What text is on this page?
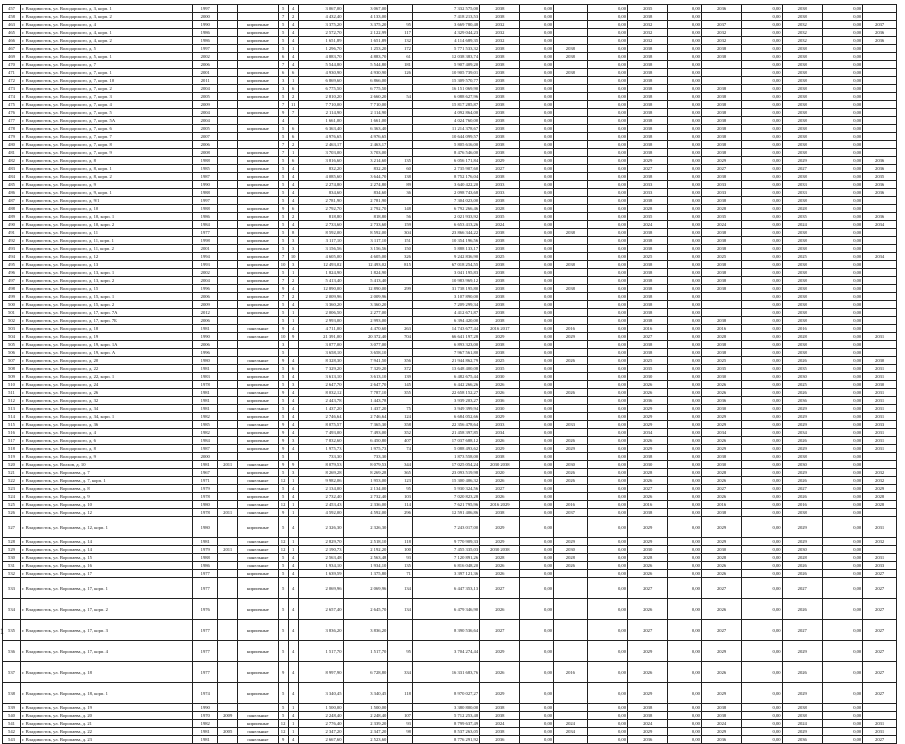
457	г. Владивосток, ул. Володарского, д. 3, корп. 1	1997			5	4	3 067,00	3 067,00		7 332 575,00	2038	0,00		0,00	2035	0,00	2036	0,00	2038	0,00	
458	г. Владивосток, ул. Володарского, д. 3, корп. 2	2000			7	2	4 432,40	4 133,00		7 418 213,53	2038	0,00		0,00	2038	0,00		0,00	2038	0,00	
463	г. Владивосток, ул. Володарского, д. 4	1990		кирпичные	5	4	3 375,20	3 375,20	95	3 669 780,48	2032	0,00		0,00	2032	0,00	2037	0,00	2032	0,00	2037
465	г. Владивосток, ул. Володарского, д. 4, корп. 1	1986		кирпичные	5	4	2 572,70	2 122,99	117	4 329 044,23	2032	0,00		0,00	2032	0,00	2032	0,00	2032	0,00	2036
466	г. Владивосток, ул. Володарского, д. 4, корп. 2	1986		кирпичные	5	4	1 651,89	1 651,89	132	4 114 689,35	2032	0,00		0,00	2032	0,00	2032	0,00	2032	0,00	2036
467	г. Владивосток, ул. Володарского, д. 5	1997		кирпичные	5	1	1 296,70	1 253,20	172	5 771 533,32	2038	0,00	2038	0,00	2038	0,00	2038	0,00	2038	0,00	
469	г. Владивосток, ул. Володарского, д. 5, корп. 1	2002		кирпичные	6	4	4 883,70	4 883,70	61	12 038 383,74	2038	0,00	2038	0,00	2038	0,00	2038	0,00	2038	0,00	
470	г. Владивосток, ул. Володарского, д. 7	2006			7	4	5 544,80	5 544,80	181	5 907 409,20	2038	0,00		0,00	2038	0,00		0,00	2038	0,00	
471	г. Владивосток, ул. Володарского, д. 7, корп. 1	2001		кирпичные	6	6	4 930,90	4 930,90	126	10 905 739,01	2038	0,00	2038	0,00	2038	0,00		0,00	2038	0,00	
472	г. Владивосток, ул. Володарского, д. 7, корп. 10	2011		кирпичные	3	1	6 869,60	6 866,00		15 309 570,77	2038	0,00		0,00	2038	0,00		0,00	2038	0,00	
473	г. Владивосток, ул. Володарского, д. 7, корп. 2	2004		кирпичные	3	6	6 775,50	6 775,50		16 151 069,90	2038	0,00		0,00	2038	0,00	2038	0,00	2038	0,00	
474	г. Владивосток, ул. Володарского, д. 7, корп. 3	2005		кирпичные	5	2	2 810,20	2 660,20	54	6 088 627,96	2038	0,00		0,00	2038	0,00	2038	0,00	2038	0,00	
475	г. Владивосток, ул. Володарского, д. 7, корп. 4	2009			7	11	7 710,00	7 710,00		15 817 285,87	2038	0,00		0,00	2038	0,00	2038	0,00	2038	0,00	
476	г. Владивосток, ул. Володарского, д. 7, корп. 5	2004		кирпичные	9	7	2 114,90	2 114,90		4 092 864,00	2038	0,00		0,00	2038	0,00	2038	0,00	2038	0,00	
477	г. Владивосток, ул. Володарского, д. 7, корп. 5А	2004			4		1 661,00	1 661,00		4 024 760,00	2038	0,00		0,00	2038	0,00	2038	0,00	2038	0,00	
478	г. Владивосток, ул. Володарского, д. 7, корп. 6	2005		кирпичные	5	6	6 363,40	6 363,40		11 214 378,67	2038	0,00		0,00	2038	0,00	2038	0,00	2038	0,00	
479	г. Владивосток, ул. Володарского, д. 7, корп. 7	2007			5	6	4 976,65	4 976,65		10 644 099,57	2038	0,00		0,00	2038	0,00	2038	0,00	2038	0,00	
480	г. Владивосток, ул. Володарского, д. 7, корп. 8	2006			7	2	2 463,17	2 463,17		5 805 616,00	2038	0,00		0,00	2038	0,00	2038	0,00	2038	0,00	
481	г. Владивосток, ул. Володарского, д. 7, корп. 9	2008		кирпичные	7	1	3 703,00	3 703,00		8 476 546,00	2038	0,00		0,00	2038	0,00	2038	0,00	2038	0,00	
482	г. Владивосток, ул. Володарского, д. 8	1988		кирпичные	5	6	3 816,60	3 214,60	135	6 056 171,84	2029	0,00		0,00	2029	0,00	2029	0,00	2029	0,00	2036
483	г. Владивосток, ул. Володарского, д. 8, корп. 1	1985		кирпичные	5	4	832,20	832,20	60	2 735 907,60	2027	0,00		0,00	2027	0,00	2027	0,00	2027	0,00	2036
484	г. Владивосток, ул. Володарского, д. 8, корп. 2	1987		кирпичные	5	4	4 085,60	3 644,70	138	8 752 176,04	2038	0,00		0,00	2038	0,00	2038	0,00	2038	0,00	2035
485	г. Владивосток, ул. Володарского, д. 9	1990		кирпичные	5	4	2 274,80	2 274,80	89	3 640 422,20	2033	0,00		0,00	2033	0,00	2033	0,00	2033	0,00	2036
486	г. Владивосток, ул. Володарского, д. 9, корп. 1	1988		кирпичные	5	4	834,60	834,60	36	2 098 743,68	2033	0,00		0,00	2033	0,00	2033	0,00	2033	0,00	2036
487	г. Владивосток, ул. Володарского, д. 9/1	1997			5	4	2 781,90	2 781,90		7 304 023,00	2038	0,00		0,00	2038	0,00	2038	0,00	2038	0,00	
488	г. Владивосток, ул. Володарского, д. 10	1988		кирпичные	9	6	2 792,70	2 792,70	148	6 792 266,46	2028	0,00		0,00	2028	0,00	2028	0,00	2028	0,00	
489	г. Владивосток, ул. Володарского, д. 10, корп. 1	1986		кирпичные	5	2	818,80	818,80	56	2 021 933,92	2035	0,00		0,00	2035	0,00	2035	0,00	2035	0,00	2036
490	г. Владивосток, ул. Володарского, д. 10, корп. 2	1984		кирпичные	5	4	2 733,60	2 733,60	159	6 653 413,26	2024	0,00		0,00	2024	0,00	2024	0,00	2024	0,00	2034
491	г. Владивосток, ул. Володарского, д. 11	1977		кирпичные	5	8	8 592,00	8 592,00	304	23 866 344,22	2038	0,00	2038	0,00	2038	0,00	2038	0,00	2038	0,00	
492	г. Владивосток, ул. Володарского, д. 11, корп. 1	1998		кирпичные	5	3	3 117,10	3 117,10	151	10 354 196,56	2038	0,00		0,00	2038	0,00	2038	0,00	2038	0,00	
493	г. Владивосток, ул. Володарского, д. 11, корп. 2	2001		кирпичные	5	3	3 156,56	3 156,56	150	5 888 133,17	2038	0,00		0,00	2038	0,00	2038	0,00	2038	0,00	
494	г. Владивосток, ул. Володарского, д. 12	1994		кирпичные	7	10	4 605,00	4 605,00	326	9 242 836,90	2025	0,00		0,00	2025	0,00	2025	0,00	2025	0,00	2034
495	г. Владивосток, ул. Володарского, д. 13	1993		кирпичные	10	3	12 493,02	12 493,02	815	67 018 254,55	2038	0,00	2038	0,00	2038	0,00	2038	0,00	2038	0,00	
496	г. Владивосток, ул. Володарского, д. 13, корп. 1	2002		кирпичные	5	1	1 824,90	1 824,90		3 041 195,83	2038	0,00		0,00	2038	0,00	2038	0,00	2038	0,00	
497	г. Владивосток, ул. Володарского, д. 13, корп. 2	2004		кирпичные	7	2	5 413,40	5 413,40		10 983 969,12	2038	0,00		0,00	2038	0,00	2038	0,00	2038	0,00	
498	г. Владивосток, ул. Володарского, д. 15	1996		кирпичные	9	4	12 890,00	12 890,00	299	31 738 195,80	2038	0,00	2038	0,00	2038	0,00	2038	0,00	2038	0,00	
499	г. Владивосток, ул. Володарского, д. 15, корп. 1	2006		кирпичные	7	2	2 009,96	2 009,96		3 107 890,00	2038	0,00		0,00	2038	0,00		0,00	2038	0,00	
500	г. Владивосток, ул. Володарского, д. 15, корп. 2	2009		кирпичные	5	4	3 360,20	3 360,20		7 209 299,34	2038	0,00		0,00	2038	0,00		0,00	2038	0,00	
501	г. Владивосток, ул. Володарского, д. 17, корп. 7А	2012		кирпичные	5	1	2 006,50	2 277,00		4 412 671,87	2038	0,00		0,00	2038	0,00		0,00	2038	0,00	
502	г. Владивосток, ул. Володарского, д. 17, корп. 7Б	2006			5	1	2 993,00	2 993,00		6 394 420,00	2038	0,00		0,00	2038	0,00	2038	0,00	2038	0,00	
503	г. Владивосток, ул. Володарского, д. 18	1981		панельные	9	4	4 711,00	4 470,60	263	14 743 677,44	2016 2017	0,00	2016	0,00	2016	0,00	2016	0,00	2016	0,00	
504	г. Владивосток, ул. Володарского, д. 19	1990		панельные	10	9	21 391,00	20 372,40	704	66 641 197,28	2029	0,00	2029	0,00	2027	0,00	2028	0,00	2028	0,00	2031
505	г. Владивосток, ул. Володарского, д. 19, корп. 1А	2006			3		3 077,00	3 077,00		6 893 323,00	2038	0,00		0,00	2038	0,00	2038	0,00	2038	0,00	
506	г. Владивосток, ул. Володарского, д. 19, корп. А	1996			5		3 658,10	3 658,10		7 967 561,80	2038	0,00		0,00	2038	0,00	2038	0,00	2038	0,00	
507	г. Владивосток, ул. Володарского, д. 20	1980		панельные	9	4	8 328,30	7 941,50	356	21 944 862,79	2025	0,00	2026	0,00	2025	0,00	2025	0,00	2026	0,00	2030
508	г. Владивосток, ул. Володарского, д. 22	1981		кирпичные	5	6	7 329,20	7 329,20	372	13 648 400,08	2035	0,00		0,00	2035	0,00	2035	0,00	2035	0,00	2031
509	г. Владивосток, ул. Володарского, д. 22, корп. 1	1983		кирпичные	5	4	3 613,10	3 613,10	139	6 482 675,44	2030	0,00		0,00	2030	0,00	2030	0,00	2030	0,00	2031
510	г. Владивосток, ул. Володарского, д. 24	1978		кирпичные	5	3	2 647,70	2 647,70	145	6 442 266,26	2026	0,00		0,00	2026	0,00	2026	0,00	2025	0,00	2030
511	г. Владивосток, ул. Володарского, д. 26	1981		панельные	9	4	8 032,12	7 787,10	355	22 658 152,27	2026	0,00	2026	0,00	2026	0,00	2026	0,00	2026	0,00	2031
512	г. Владивосток, ул. Володарского, д. 32	1981		кирпичные	5	4	2 443,78	1 443,78		3 939 203,27	2036	0,00		0,00	2036	0,00	2036	0,00	2036	0,00	2031
513	г. Владивосток, ул. Володарского, д. 34	1981		панельные	5	4	1 437,20	1 437,20	75	3 949 399,94	2030	0,00		0,00	2029	0,00	2030	0,00	2029	0,00	2031
514	г. Владивосток, ул. Володарского, д. 34, корп. 1	1982		кирпичные	5	4	2 746,64	2 746,64	124	6 684 052,66	2029	0,00		0,00	2029	0,00	2029	0,00	2029	0,00	2031
515	г. Владивосток, ул. Володарского, д. 36	1985		панельные	9	4	8 075,57	7 365,30	358	22 356 478,64	2033	0,00	2033	0,00	2029	0,00	2029	0,00	2029	0,00	2033
516	г. Владивосток, ул. Володарского, д. 4	1982		кирпичные	9	4	7 493,00	7 493,00	352	21 458 397,85	2034	0,00		0,00	2034	0,00	2034	0,00	2034	0,00	2031
517	г. Владивосток, ул. Володарского, д. 6	1984		кирпичные	9	3	7 832,60	6 450,80	407	17 037 688,12	2026	0,00	2026	0,00	2026	0,00	2026	0,00	2026	0,00	2031
518	г. Владивосток, ул. Володарского, д. 8	1987		кирпичные	9	4	1 975,73	1 975,73	74	5 088 493,62	2029	0,00	2029	0,00	2029	0,00	2029	0,00	2029	0,00	2031
519	г. Владивосток, ул. Володарского, д. 9	2000			5		733,30	733,30		1 873 558,00	2038	0,00		0,00	2038	0,00	2038	0,00	2038	0,00	
520	г. Владивосток, ул. Волхов, д. 10	1981	2011	панельные	9	9	8 079,53	8 079,53	344	17 025 054,24	2030 2038	0,00	2030	0,00	2030	0,00	2030	0,00	2030	0,00	
521	г. Владивосток, ул. Воропаева, д. 7	1967		кирпичные	5	3	8 269,28	8 269,28	365	23 093 519,98	2020	0,00	2026	0,00	2028	0,00	2028	0,00	2029	0,00	2032
522	г. Владивосток, ул. Воропаева, д. 7, корп. 1	1971		панельные	12	1	9 982,06	1 953,00	123	15 300 406,32	2026	0,00	2026	0,00	2026	0,00	2026	0,00	2026	0,00	2032
523	г. Владивосток, ул. Воропаева, д. 8	1979		панельные	5	4	2 134,00	2 134,00	95	5 930 324,56	2027	0,00		0,00	2027	0,00	2027	0,00	2027	0,00	2029
524	г. Владивосток, ул. Воропаева, д. 9	1978		кирпичные	5	4	2 732,40	2 732,40	103	7 020 823,28	2026	0,00		0,00	2026	0,00	2026	0,00	2026	0,00	2028
525	г. Владивосток, ул. Воропаева, д. 10	1980		панельные	12	1	2 453,43	2 336,00	114	7 621 795,96	2016 2029	0,00	2016	0,00	2016	0,00	2016	0,00	2016	0,00	2028
526	г. Владивосток, ул. Воропаева, д. 12	1978	2011	панельные	9	1	4 592,00	4 592,00	296	12 591 406,86	2038	0,00	2037	0,00	2038	0,00	2038	0,00	2038	0,00	
527	г. Владивосток, ул. Воропаева, д. 12, корп. 1	1980		кирпичные	5	4	2 326,30	2 326,30		7 243 017,00	2029	0,00		0,00	2029	0,00	2029	0,00	2029	0,00	2031
528	г. Владивосток, ул. Воропаева, д. 14	1981		панельные	12	1	2 829,70	2 518,10	118	9 770 909,33	2029	0,00	2029	0,00	2029	0,00	2029	0,00	2029	0,00	2032
529	г. Владивосток, ул. Воропаева, д. 14	1979	2011	панельные	12	1	2 190,73	2 192,20	100	7 455 335,03	2030 2038	0,00	2030	0,00	2030	0,00	2030	0,00	2030	0,00	
530	г. Владивосток, ул. Воропаева, д. 15	1988		панельные	5	4	2 563,48	2 563,48	93	7 120 891,26	2028	0,00	2028	0,00	2028	0,00	2028	0,00	2028	0,00	2031
531	г. Владивосток, ул. Воропаева, д. 16	1986		панельные	5	4	1 934,10	1 934,10	135	6 816 048,20	2026	0,00	2026	0,00	2026	0,00	2026	0,00	2026	0,00	2033
532	г. Владивосток, ул. Воропаева, д. 17	1977		кирпичные	5	4	1 639,59	1 375,80	71	3 397 121,36	2026	0,00		0,00	2026	0,00	2026	0,00	2026	0,00	2027
533	г. Владивосток, ул. Воропаева, д. 17, корп. 1	1977		кирпичные	5	4	2 069,96	2 069,96	134	6 447 353,13	2027	0,00		0,00	2027	0,00	2027	0,00	2027	0,00	2027
534	г. Владивосток, ул. Воропаева, д. 17, корп. 2	1976		кирпичные	5	4	2 657,40	2 645,70	134	6 479 346,90	2026	0,00		0,00	2026	0,00	2026	0,00	2026	0,00	2027
535	г. Владивосток, ул. Воропаева, д. 17, корп. 3	1977		кирпичные	5	4	3 836,20	3 836,20		8 390 536,64	2027	0,00		0,00	2027	0,00	2027	0,00	2027	0,00	2027
536	г. Владивосток, ул. Воропаева, д. 17, корп. 4	1977		кирпичные	5	4	1 517,70	1 517,70	95	3 704 274,44	2029	0,00		0,00	2029	0,00	2029	0,00	2029	0,00	2027
537	г. Владивосток, ул. Воропаева, д. 18	1977		кирпичные	9	4	8 997,90	6 728,80	334	16 331 683,76	2026	0,00	2016	0,00	2026	0,00	2026	0,00	2026	0,00	2027
538	г. Владивосток, ул. Воропаева, д. 18, корп. 1	1974		кирпичные	5	4	3 340,45	3 340,45	118	8 970 027,27	2029	0,00		0,00	2029	0,00	2029	0,00	2029	0,00	2027
539	г. Владивосток, ул. Воропаева, д. 19	1990			5	1	1 500,00	1 500,00		3 380 800,00	2038	0,00		0,00	2038	0,00	2038	0,00	2038	0,00	
540	г. Владивосток, ул. Воропаева, д. 20	1970	2009	панельные	5	4	2 248,40	2 248,40	107	5 712 253,48	2038	0,00		0,00	2038	0,00	2038	0,00	2038	0,00	
541	г. Владивосток, ул. Воропаева, д. 21	1982		кирпичные	12	1	2 776,40	2 339,20	93	8 799 637,49	2024	0,00	2024	0,00	2024	0,00	2024	0,00	2024	0,00	2031
542	г. Владивосток, ул. Воропаева, д. 22	1981	2005	панельные	12	1	2 347,20	2 347,20	98	8 537 263,05	2038	0,00	2034	0,00	2029	0,00	2029	0,00	2029	0,00	2031
543	г. Владивосток, ул. Воропаева, д. 23	1981		панельные	9	4	2 667,60	2 523,60		8 776 291,92	2036	0,00		0,00	2036	0,00	2036	0,00	2036	0,00	2027
1
